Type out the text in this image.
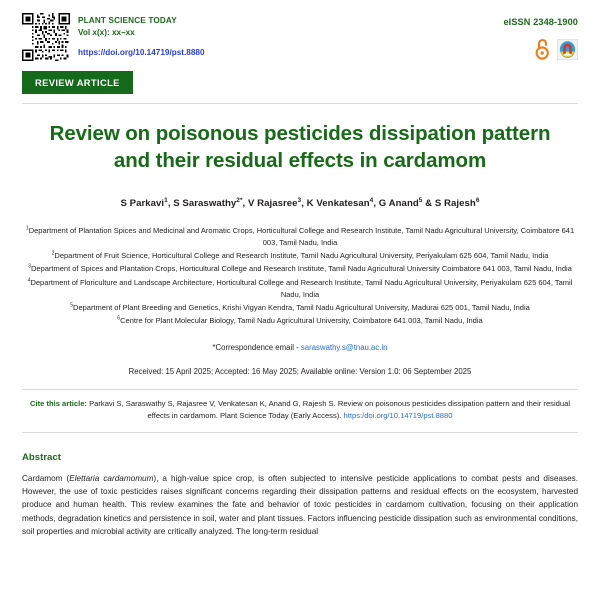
PLANT SCIENCE TODAY
Vol x(x): xx–xx
https://doi.org/10.14719/pst.8880
eISSN 2348-1900
REVIEW ARTICLE
Review on poisonous pesticides dissipation pattern and their residual effects in cardamom
S Parkavi$^1$, S Saraswathy$^{2*}$, V Rajasree$^3$, K Venkatesan$^4$, G Anand$^5$ & S Rajesh$^6$

$^1$Department of Plantation Spices and Medicinal and Aromatic Crops, Horticultural College and Research Institute, Tamil Nadu Agricultural University, Coimbatore 641 003, Tamil Nadu, India

$^2$Department of Fruit Science, Horticultural College and Research Institute, Tamil Nadu Agricultural University, Periyakulam 625 604, Tamil Nadu, India

$^3$Department of Spices and Plantation Crops, Horticultural College and Research Institute, Tamil Nadu Agricultural University Coimbatore 641 003, Tamil Nadu, India

$^4$Department of Floriculture and Landscape Architecture, Horticultural College and Research Institute, Tamil Nadu Agricultural University, Periyakulam 625 604, Tamil Nadu, India

$^5$Department of Plant Breeding and Genetics, Krishi Vigyan Kendra, Tamil Nadu Agricultural University, Madurai 625 001, Tamil Nadu, India

$^6$Centre for Plant Molecular Biology, Tamil Nadu Agricultural University, Coimbatore 641 003, Tamil Nadu, India

*Correspondence email - saraswathy.s@tnau.ac.in
Received: 15 April 2025; Accepted: 16 May 2025; Available online: Version 1.0: 06 September 2025
Cite this article: Parkavi S, Saraswathy S, Rajasree V, Venkatesan K, Anand G, Rajesh S. Review on poisonous pesticides dissipation pattern and their residual effects in cardamom. Plant Science Today (Early Access). https:/doi.org/10.14719/pst.8880
Abstract
Cardamom (Elettaria cardamomum), a high-value spice crop, is often subjected to intensive pesticide applications to combat pests and diseases. However, the use of toxic pesticides raises significant concerns regarding their dissipation patterns and residual effects on the ecosystem, harvested produce and human health. This review examines the fate and behavior of toxic pesticides in cardamom cultivation, focusing on their application methods, degradation kinetics and persistence in soil, water and plant tissues. Factors influencing pesticide dissipation such as environmental conditions, soil properties and microbial activity are critically analyzed. The long-term residual
